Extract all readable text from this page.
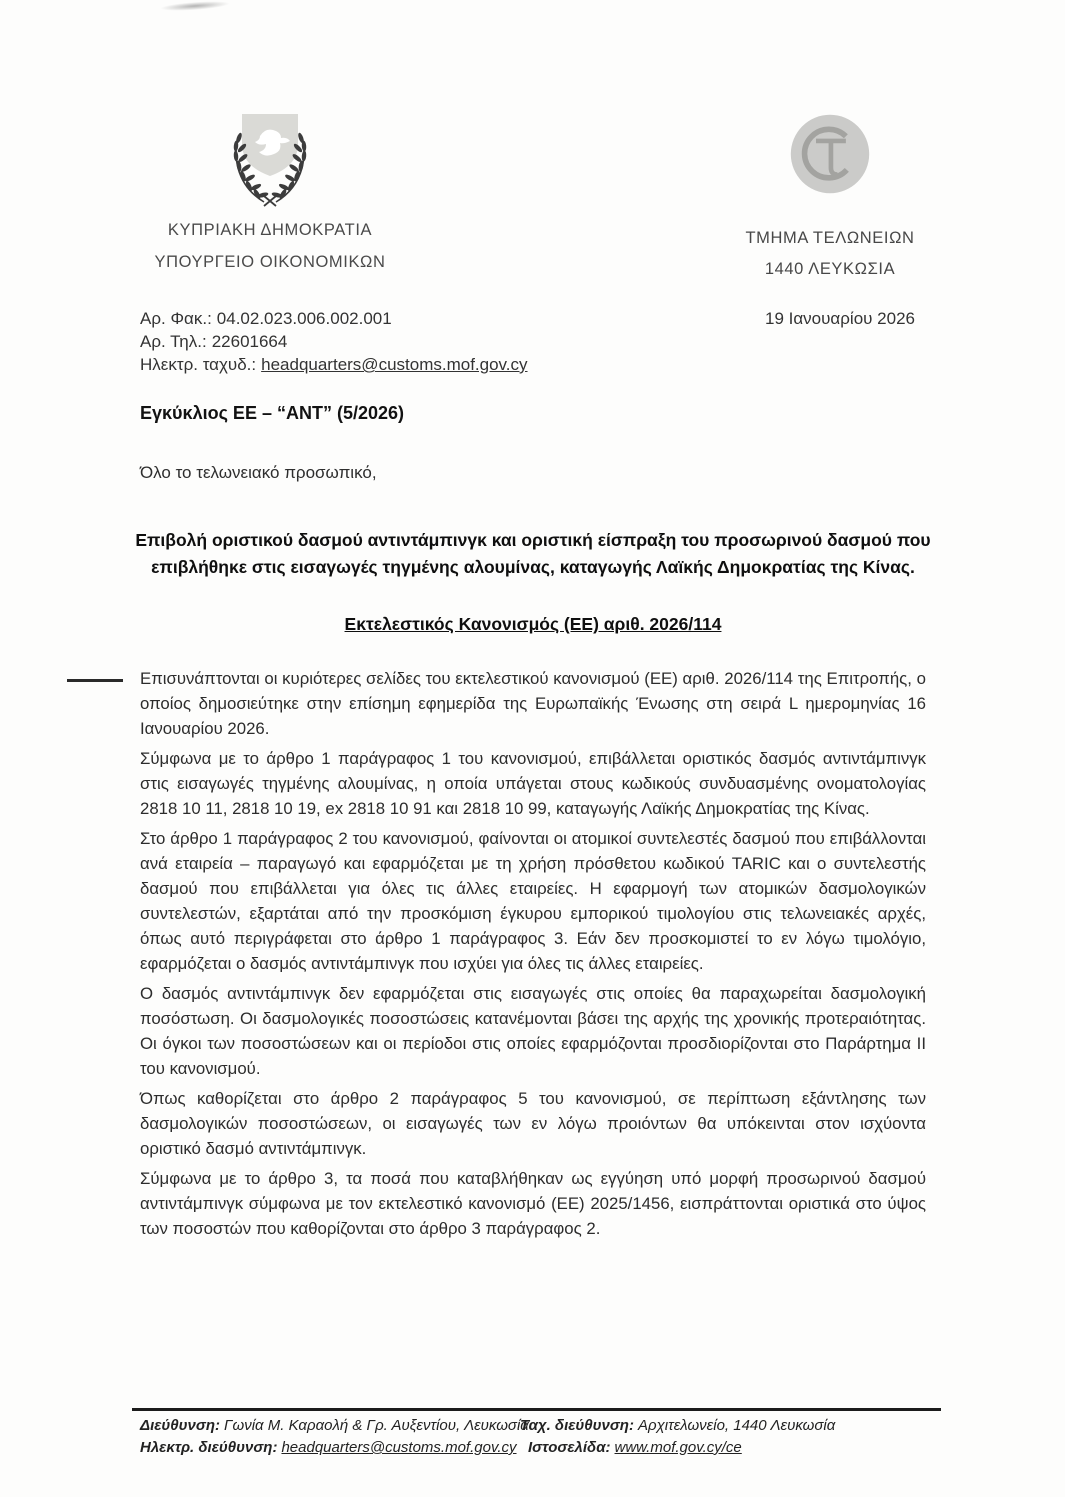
ΚΥΠΡΙΑΚΗ ΔΗΜΟΚΡΑΤΙΑ
ΥΠΟΥΡΓΕΙΟ ΟΙΚΟΝΟΜΙΚΩΝ
ΤΜΗΜΑ ΤΕΛΩΝΕΙΩΝ
1440 ΛΕΥΚΩΣΙΑ
Αρ. Φακ.: 04.02.023.006.002.001
Αρ. Τηλ.: 22601664
Ηλεκτρ. ταχυδ.: headquarters@customs.mof.gov.cy
19 Ιανουαρίου 2026
Εγκύκλιος ΕΕ – “ΑΝΤ” (5/2026)
Όλο το τελωνειακό προσωπικό,
Επιβολή οριστικού δασμού αντιντάμπινγκ και οριστική είσπραξη του προσωρινού δασμού που επιβλήθηκε στις εισαγωγές τηγμένης αλουμίνας, καταγωγής Λαϊκής Δημοκρατίας της Κίνας.
Εκτελεστικός Κανονισμός (ΕΕ) αριθ. 2026/114

Επισυνάπτονται οι κυριότερες σελίδες του εκτελεστικού κανονισμού (ΕΕ) αριθ. 2026/114 της Επιτροπής, ο οποίος δημοσιεύτηκε στην επίσημη εφημερίδα της Ευρωπαϊκής Ένωσης στη σειρά L ημερομηνίας 16 Ιανουαρίου 2026.

Σύμφωνα με το άρθρο 1 παράγραφος 1 του κανονισμού, επιβάλλεται οριστικός δασμός αντιντάμπινγκ στις εισαγωγές τηγμένης αλουμίνας, η οποία υπάγεται στους κωδικούς συνδυασμένης ονοματολογίας 2818 10 11, 2818 10 19, ex 2818 10 91 και 2818 10 99, καταγωγής Λαϊκής Δημοκρατίας της Κίνας.

Στο άρθρο 1 παράγραφος 2 του κανονισμού, φαίνονται οι ατομικοί συντελεστές δασμού που επιβάλλονται ανά εταιρεία – παραγωγό και εφαρμόζεται με τη χρήση πρόσθετου κωδικού TARIC και ο συντελεστής δασμού που επιβάλλεται για όλες τις άλλες εταιρείες. Η εφαρμογή των ατομικών δασμολογικών συντελεστών, εξαρτάται από την προσκόμιση έγκυρου εμπορικού τιμολογίου στις τελωνειακές αρχές, όπως αυτό περιγράφεται στο άρθρο 1 παράγραφος 3. Εάν δεν προσκομιστεί το εν λόγω τιμολόγιο, εφαρμόζεται ο δασμός αντιντάμπινγκ που ισχύει για όλες τις άλλες εταιρείες.

Ο δασμός αντιντάμπινγκ δεν εφαρμόζεται στις εισαγωγές στις οποίες θα παραχωρείται δασμολογική ποσόστωση. Οι δασμολογικές ποσοστώσεις κατανέμονται βάσει της αρχής της χρονικής προτεραιότητας. Οι όγκοι των ποσοστώσεων και οι περίοδοι στις οποίες εφαρμόζονται προσδιορίζονται στο Παράρτημα ΙΙ του κανονισμού.

Όπως καθορίζεται στο άρθρο 2 παράγραφος 5 του κανονισμού, σε περίπτωση εξάντλησης των δασμολογικών ποσοστώσεων, οι εισαγωγές των εν λόγω προιόντων θα υπόκεινται στον ισχύοντα οριστικό δασμό αντιντάμπινγκ.

Σύμφωνα με το άρθρο 3, τα ποσά που καταβλήθηκαν ως εγγύηση υπό μορφή προσωρινού δασμού αντιντάμπινγκ σύμφωνα με τον εκτελεστικό κανονισμό (ΕΕ) 2025/1456, εισπράττονται οριστικά στο ύψος των ποσοστών που καθορίζονται στο άρθρο 3 παράγραφος 2.

Διεύθυνση: Γωνία Μ. Καραολή & Γρ. Αυξεντίου, Λευκωσία
Ηλεκτρ. διεύθυνση: headquarters@customs.mof.gov.cy
Ταχ. διεύθυνση: Αρχιτελωνείο, 1440 Λευκωσία
Ιστοσελίδα: www.mof.gov.cy/ce
